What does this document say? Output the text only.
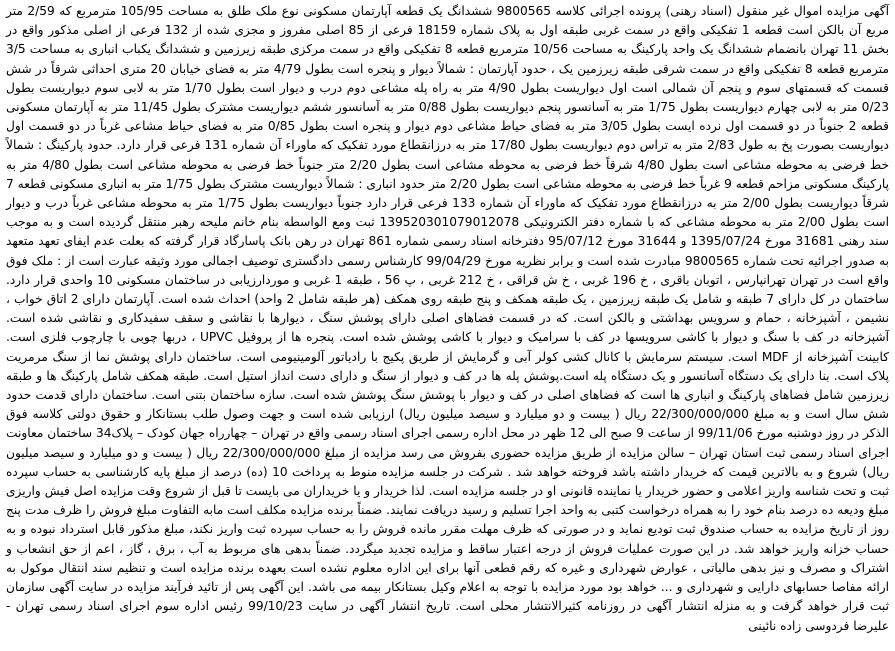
آگهی مزایده اموال غیر منقول (اسناد رهنی) پرونده اجرائی کلاسه 9800565 ششدانگ یک قطعه آپارتمان مسکونی نوع ملک طلق به مساحت 105/95 مترمربع که 2/59 متر مربع آن بالکن است قطعه 1 تفکیکی واقع در سمت غربی طبقه اول به پلاک شماره 18159 فرعی از 85 اصلی مفروز و مجزی شده از 132 فرعی از اصلی مذکور واقع در بخش 11 تهران بانضمام ششدانگ یک واحد پارکینگ به مساحت 10/56 مترمربع قطعه 8 تفکیکی واقع در سمت مرکزی طبقه زیرزمین و ششدانگ یکباب انباری به مساحت 3/5 مترمربع قطعه 8 تفکیکی واقع در سمت شرقی طبقه زیرزمین یک ، حدود آپارتمان : شمالاً دیوار و پنجره است بطول 4/79 متر به فضای خیابان 20 متری احداثی شرقاً در شش قسمت که قسمتهای سوم و پنجم آن شمالی است اول دیواریست بطول 4/90 متر به راه پله مشاعی دوم درب و دیوار است بطول 1/70 متر به لابی سوم دیواریست بطول 0/23 متر به لابی چهارم دیواریست بطول 1/75 متر به آسانسور پنجم دیواریست بطول 0/88 متر به آسانسور ششم دیواریست مشترک بطول 11/45 متر به آپارتمان مسکونی قطعه 2 جنوباً در دو قسمت اول نرده ایست بطول 3/05 متر به فضای حیاط مشاعی دوم دیوار و پنجره است بطول 0/85 متر به فضای حیاط مشاعی غرباً در دو قسمت اول دیواریست بصورت پخ به طول 2/83 متر به تراس دوم دیواریست بطول 17/80 متر به درزانقطاع مورد تفکیک که ماوراء آن شماره 131 فرعی قرار دارد. حدود پارکینگ : شمالاً خط فرضی به محوطه مشاعی است بطول 4/80 شرقاً خط فرضی به محوطه مشاعی است بطول 2/20 متر جنوباً خط فرضی به محوطه مشاعی است بطول 4/80 متر به پارکینگ مسکونی مزاحم قطعه 9 غرباً خط فرضی به محوطه مشاعی است بطول 2/20 متر حدود انباری : شمالاً دیواریست مشترک بطول 1/75 متر به انباری مسکونی قطعه 7 شرقاً دیواریست بطول 2/00 متر به درزانقطاع مورد تفکیک که ماوراء آن شماره 133 فرعی قرار دارد جنوباً دیواریست بطول 1/75 متر به محوطه مشاعی غرباً درب و دیوار است بطول 2/00 متر به محوطه مشاعی که با شماره دفتر الکترونیکی 139520301079012078 ثبت ومع الواسطه بنام خانم ملیحه رهبر منتقل گردیده است و به موجب سند رهنی 31681 مورخ 1395/07/24 و 31644 مورخ 95/07/12 دفترخانه اسناد رسمی شماره 861 تهران در رهن بانک پاسارگاد قرار گرفته که بعلت عدم ایفای تعهد متعهد به صدور اجرائیه تحت شماره 9800565 مبادرت شده است و برابر نظریه مورخ 99/04/29 کارشناس رسمی دادگستری توصیف اجمالی مورد وثیقه عبارت است از : ملک فوق واقع است در تهران تهرانپارس ، اتوبان باقری ، خ 196 غربی ، خ ش قراقی ، خ 212 غربی ، پ 56 ، طبقه 1 غربی و موردارزیابی در ساختمان مسکونی 10 واحدی قرار دارد. ساختمان در کل دارای 7 طبقه و شامل یک طبقه زیرزمین ، یک طبقه همکف و پنج طبقه روی همکف (هر طبقه شامل 2 واحد) احداث شده است. آپارتمان دارای 2 اتاق خواب ، نشیمن ، آشپزخانه ، حمام و سرویس بهداشتی و بالکن است. که در قسمت فضاهای اصلی دارای پوشش سنگ ، دیوارها با نقاشی و سقف سفیدکاری و نقاشی شده است. آشپزخانه در کف با سنگ و دیوار با کاشی سرویسها در کف با سرامیک و دیوار با کاشی پوشش شده است. پنجره ها از پروفیل UPVC ، دربها چوبی با چارچوب فلزی است. کابینت آشپزخانه از MDF است. سیستم سرمایش با کانال کشی کولر آبی و گرمایش از طریق پکیج با رادیاتور آلومینیومی است. ساختمان دارای پوشش نما از سنگ مرمریت پلاک است. بنا دارای یک دستگاه آسانسور و یک دستگاه پله است.پوشش پله ها در کف و دیوار از سنگ و دارای دست انداز استیل است. طبقه همکف شامل پارکینگ ها و طبقه زیرزمین شامل فضاهای پارکینگ و انباری ها است که فضاهای اصلی در کف و دیوار با پوشش سنگ پوشش شده است. سازه ساختمان بتنی است. ساختمان دارای قدمت حدود شش سال است و به مبلغ 22/300/000/000 ریال ( بیست و دو میلیارد و سیصد میلیون ریال) ارزیابی شده است و جهت وصول طلب بستانکار و حقوق دولتی کلاسه فوق الذکر در روز دوشنبه مورخ 99/11/06 از ساعت 9 صبح الی 12 ظهر در محل اداره رسمی اجرای اسناد رسمی واقع در تهران – چهارراه جهان کودک – پلاک34 ساختمان معاونت اجرای اسناد رسمی ثبت استان تهران – سالن مزایده از طریق مزایده حضوری بفروش می رسد مزایده از مبلغ 22/300/000/000 ریال ( بیست و دو میلیارد و سیصد میلیون ریال) شروع و به بالاترین قیمت که خریدار داشته باشد فروخته خواهد شد . شرکت در جلسه مزایده منوط به پرداخت 10 (ده) درصد از مبلغ پایه کارشناسی به حساب سپرده ثبت و تحت شناسه واریز اعلامی و حضور خریدار یا نماینده قانونی او در جلسه مزایده است. لذا خریدار و یا خریداران می بایست تا قبل از شروع وقت مزایده اصل فیش واریزی مبلغ ودیعه ده درصد بنام خود را به همراه درخواست کتبی به واحد اجرا تسلیم و رسید دریافت نمایند. ضمناً برنده مزایده مکلف است مابه التفاوت مبلغ فروش را ظرف مدت پنج روز از تاریخ مزایده به حساب صندوق ثبت تودیع نماید و در صورتی که ظرف مهلت مقرر مانده فروش را به حساب سپرده ثبت واریز نکند، مبلغ مذکور قابل استرداد نبوده و به حساب خزانه واریز خواهد شد. در این صورت عملیات فروش از درجه اعتبار ساقط و مزایده تجدید میگردد. ضمناً بدهی های مربوط به آب ، برق ، گاز ، اعم از حق انشعاب و اشتراک و مصرف و نیز بدهی مالیاتی ، عوارض شهرداری و غیره که رقم قطعی آنها برای این اداره معلوم نشده است بعهده برنده مزایده است و تنظیم سند انتقال موکول به ارائه مفاصا حسابهای دارایی و شهرداری و ... خواهد بود مورد مزایده با توجه به اعلام وکیل بستانکار بیمه می باشد. این آگهی پس از تائید فرآیند مزایده در سایت آگهی سازمان ثبت قرار خواهد گرفت و به منزله انتشار آگهی در روزنامه کثیرالانتشار محلی است. تاریخ انتشار آگهی در سایت 99/10/23 رئیس اداره سوم اجرای اسناد رسمی تهران - علیرضا فردوسی زاده نائینی
